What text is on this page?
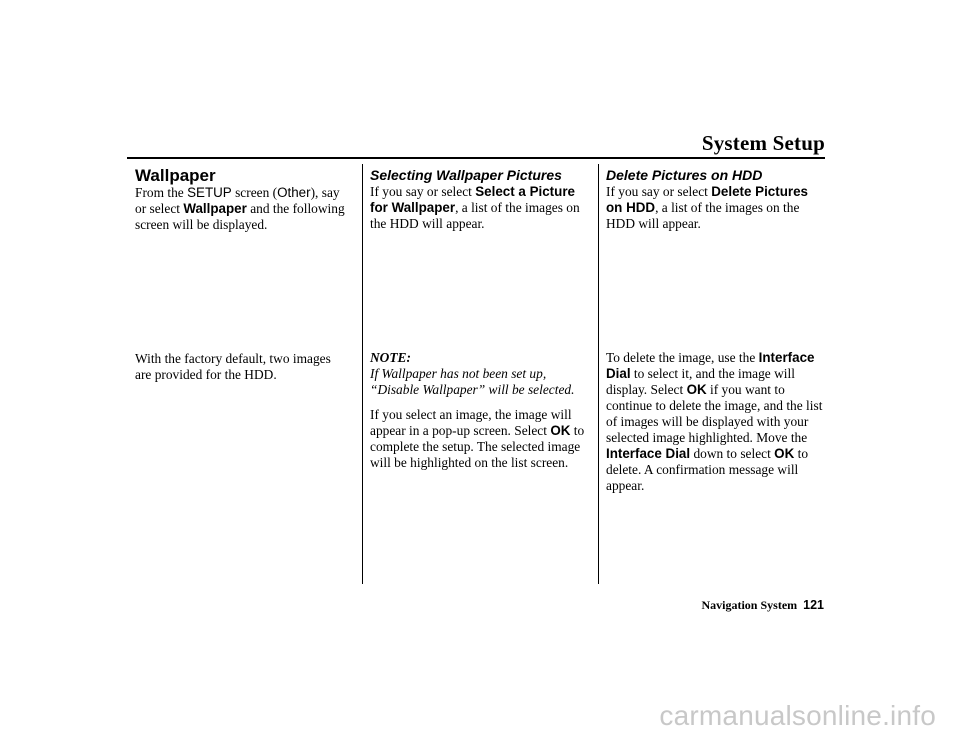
System Setup
Wallpaper

From the SETUP screen (Other), say or select Wallpaper and the following screen will be displayed.

With the factory default, two images are provided for the HDD.

Selecting Wallpaper Pictures

If you say or select Select a Picture for Wallpaper, a list of the images on the HDD will appear.

NOTE:

If Wallpaper has not been set up, “Disable Wallpaper” will be selected.

If you select an image, the image will appear in a pop-up screen. Select OK to complete the setup. The selected image will be highlighted on the list screen.

Delete Pictures on HDD

If you say or select Delete Pictures on HDD, a list of the images on the HDD will appear.

To delete the image, use the Interface Dial to select it, and the image will display. Select OK if you want to continue to delete the image, and the list of images will be displayed with your selected image highlighted. Move the Interface Dial down to select OK to delete. A confirmation message will appear.

Navigation System 121
carmanualsonline.info
